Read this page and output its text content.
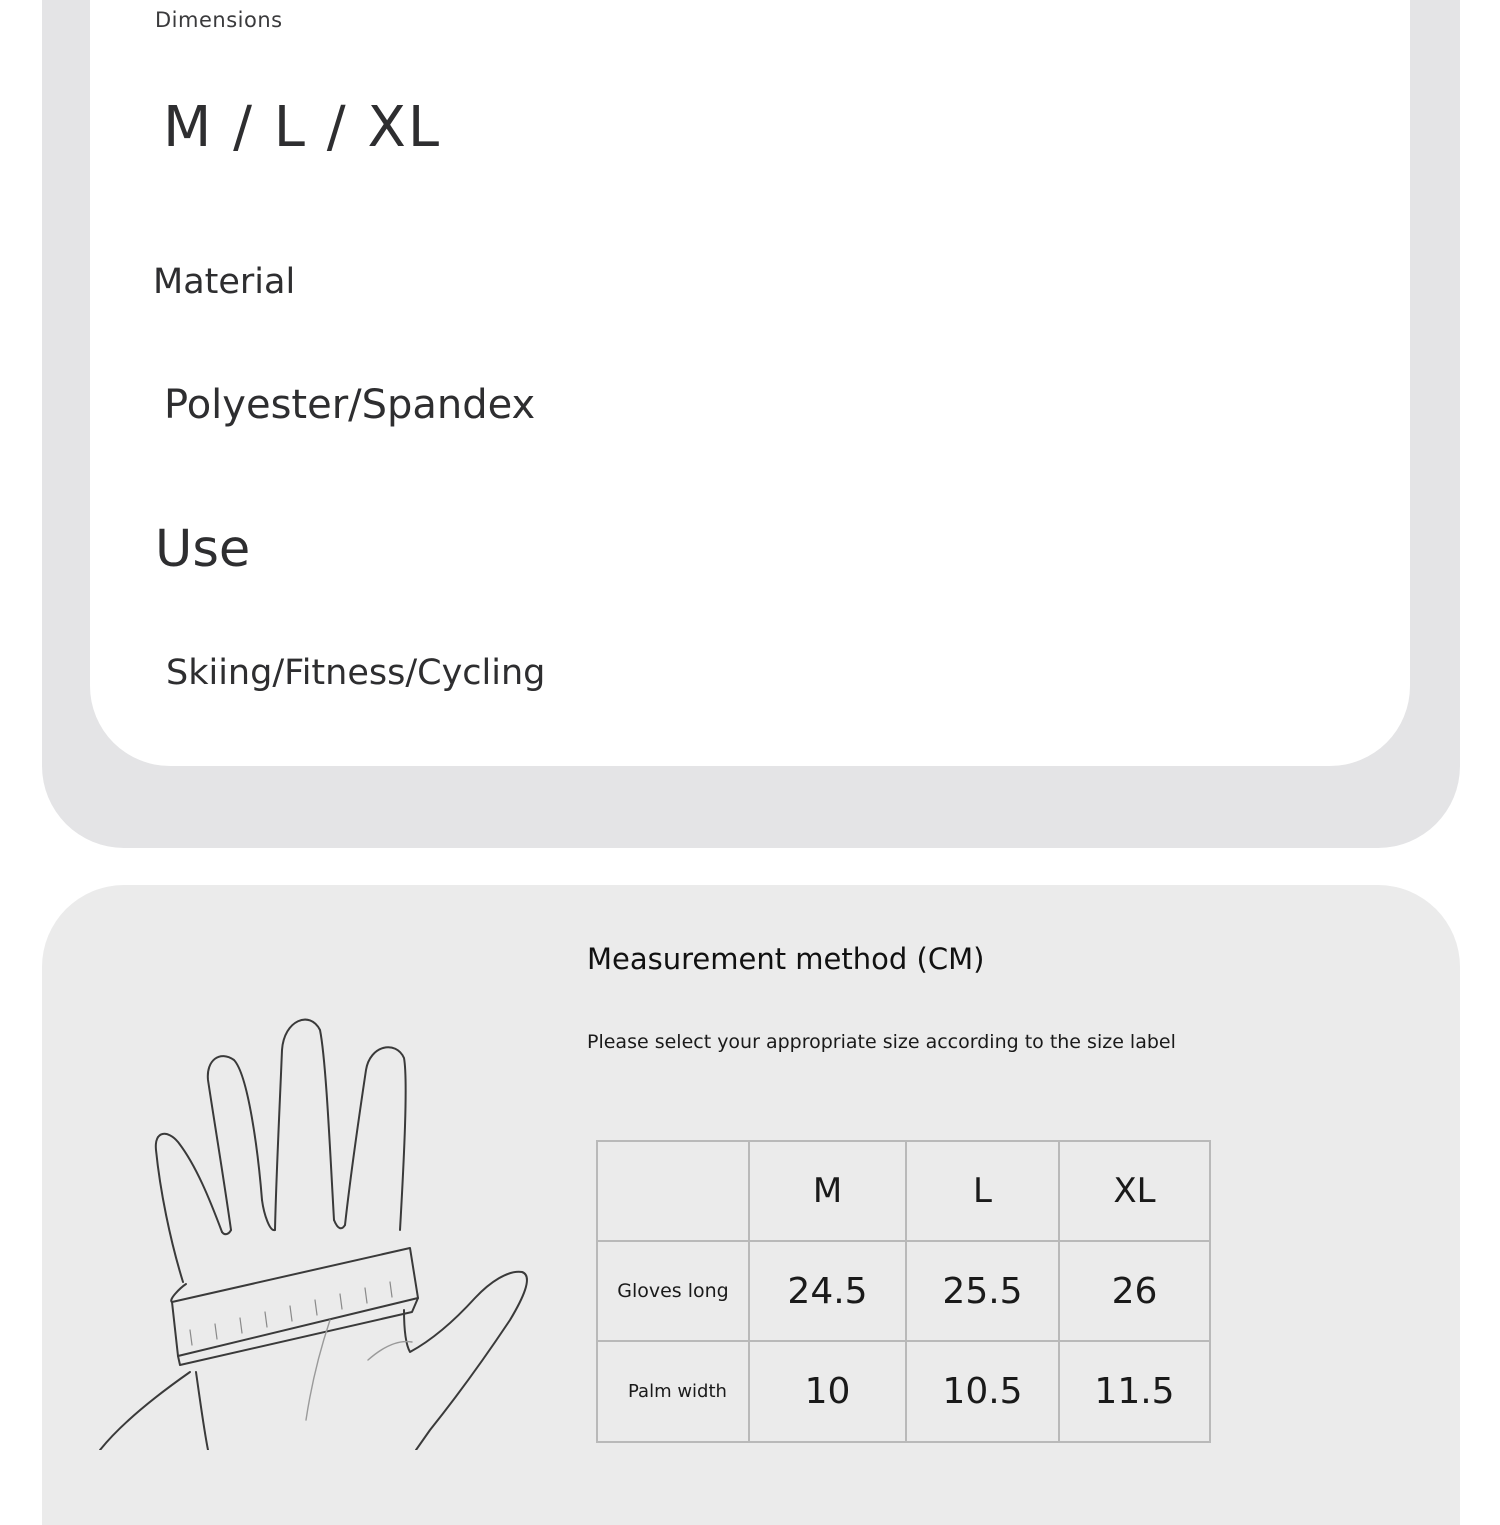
Dimensions
M / L / XL
Material
Polyester/Spandex
Use
Skiing/Fitness/Cycling
Measurement method (CM)
Please select your appropriate size according to the size label
	M	L	XL
Gloves long	24.5	25.5	26
Palm width	10	10.5	11.5
